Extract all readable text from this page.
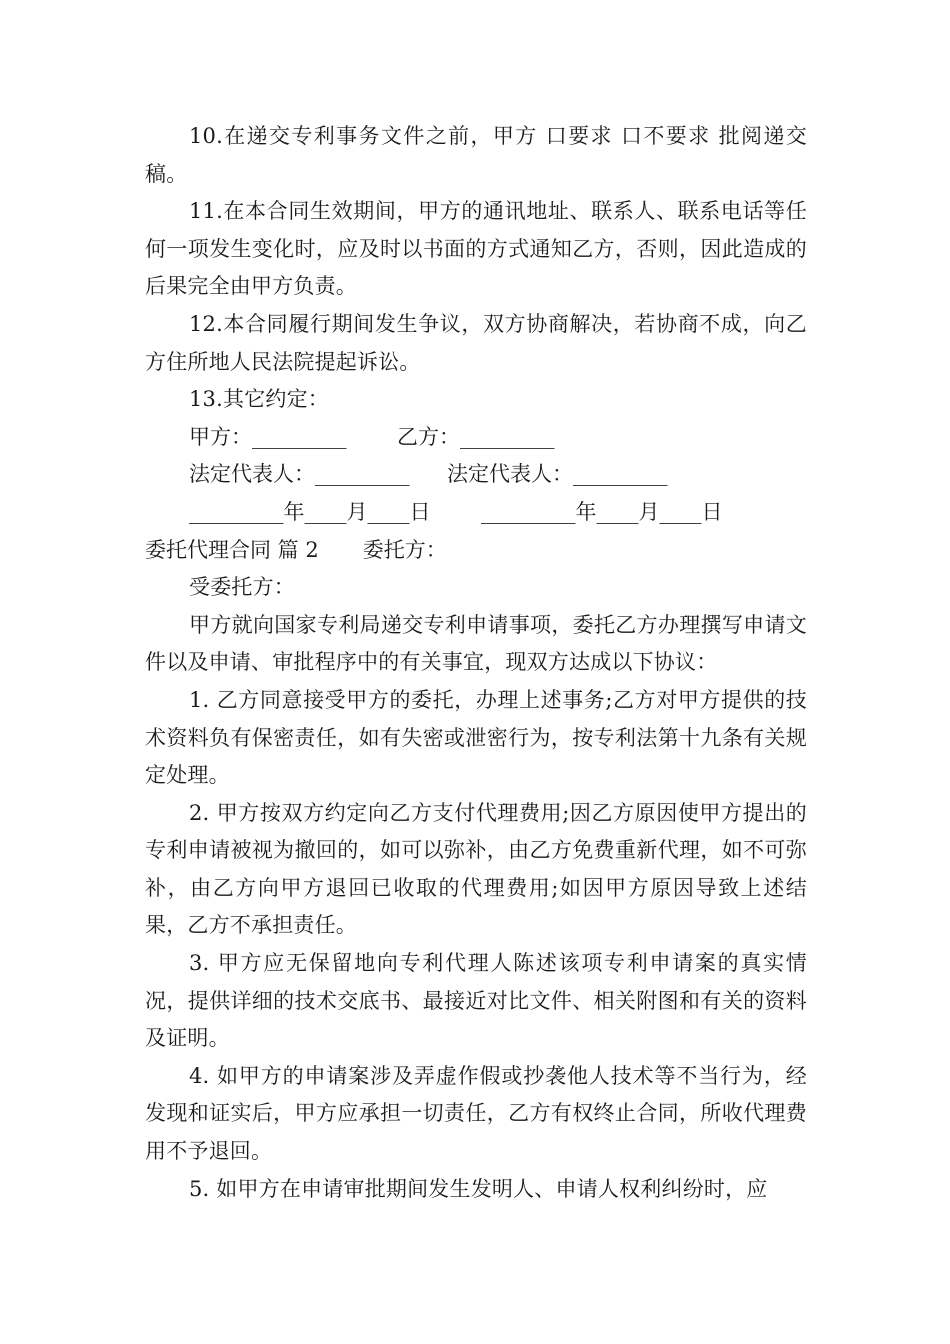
10.在递交专利事务文件之前，甲方 口要求 口不要求 批阅递交稿。

11.在本合同生效期间，甲方的通讯地址、联系人、联系电话等任何一项发生变化时，应及时以书面的方式通知乙方，否则，因此造成的后果完全由甲方负责。

12.本合同履行期间发生争议，双方协商解决，若协商不成，向乙方住所地人民法院提起诉讼。

13.其它约定：

甲方：_________ 乙方：_________
法定代表人：_________ 法定代表人：_________
_________年____月____日 _________年____月____日
委托代理合同 篇 2 委托方：

受委托方：

甲方就向国家专利局递交专利申请事项，委托乙方办理撰写申请文件以及申请、审批程序中的有关事宜，现双方达成以下协议：

1. 乙方同意接受甲方的委托，办理上述事务;乙方对甲方提供的技术资料负有保密责任，如有失密或泄密行为，按专利法第十九条有关规定处理。

2. 甲方按双方约定向乙方支付代理费用;因乙方原因使甲方提出的专利申请被视为撤回的，如可以弥补，由乙方免费重新代理，如不可弥补，由乙方向甲方退回已收取的代理费用;如因甲方原因导致上述结果，乙方不承担责任。

3. 甲方应无保留地向专利代理人陈述该项专利申请案的真实情况，提供详细的技术交底书、最接近对比文件、相关附图和有关的资料及证明。

4. 如甲方的申请案涉及弄虚作假或抄袭他人技术等不当行为，经发现和证实后，甲方应承担一切责任，乙方有权终止合同，所收代理费用不予退回。

5. 如甲方在申请审批期间发生发明人、申请人权利纠纷时，应
